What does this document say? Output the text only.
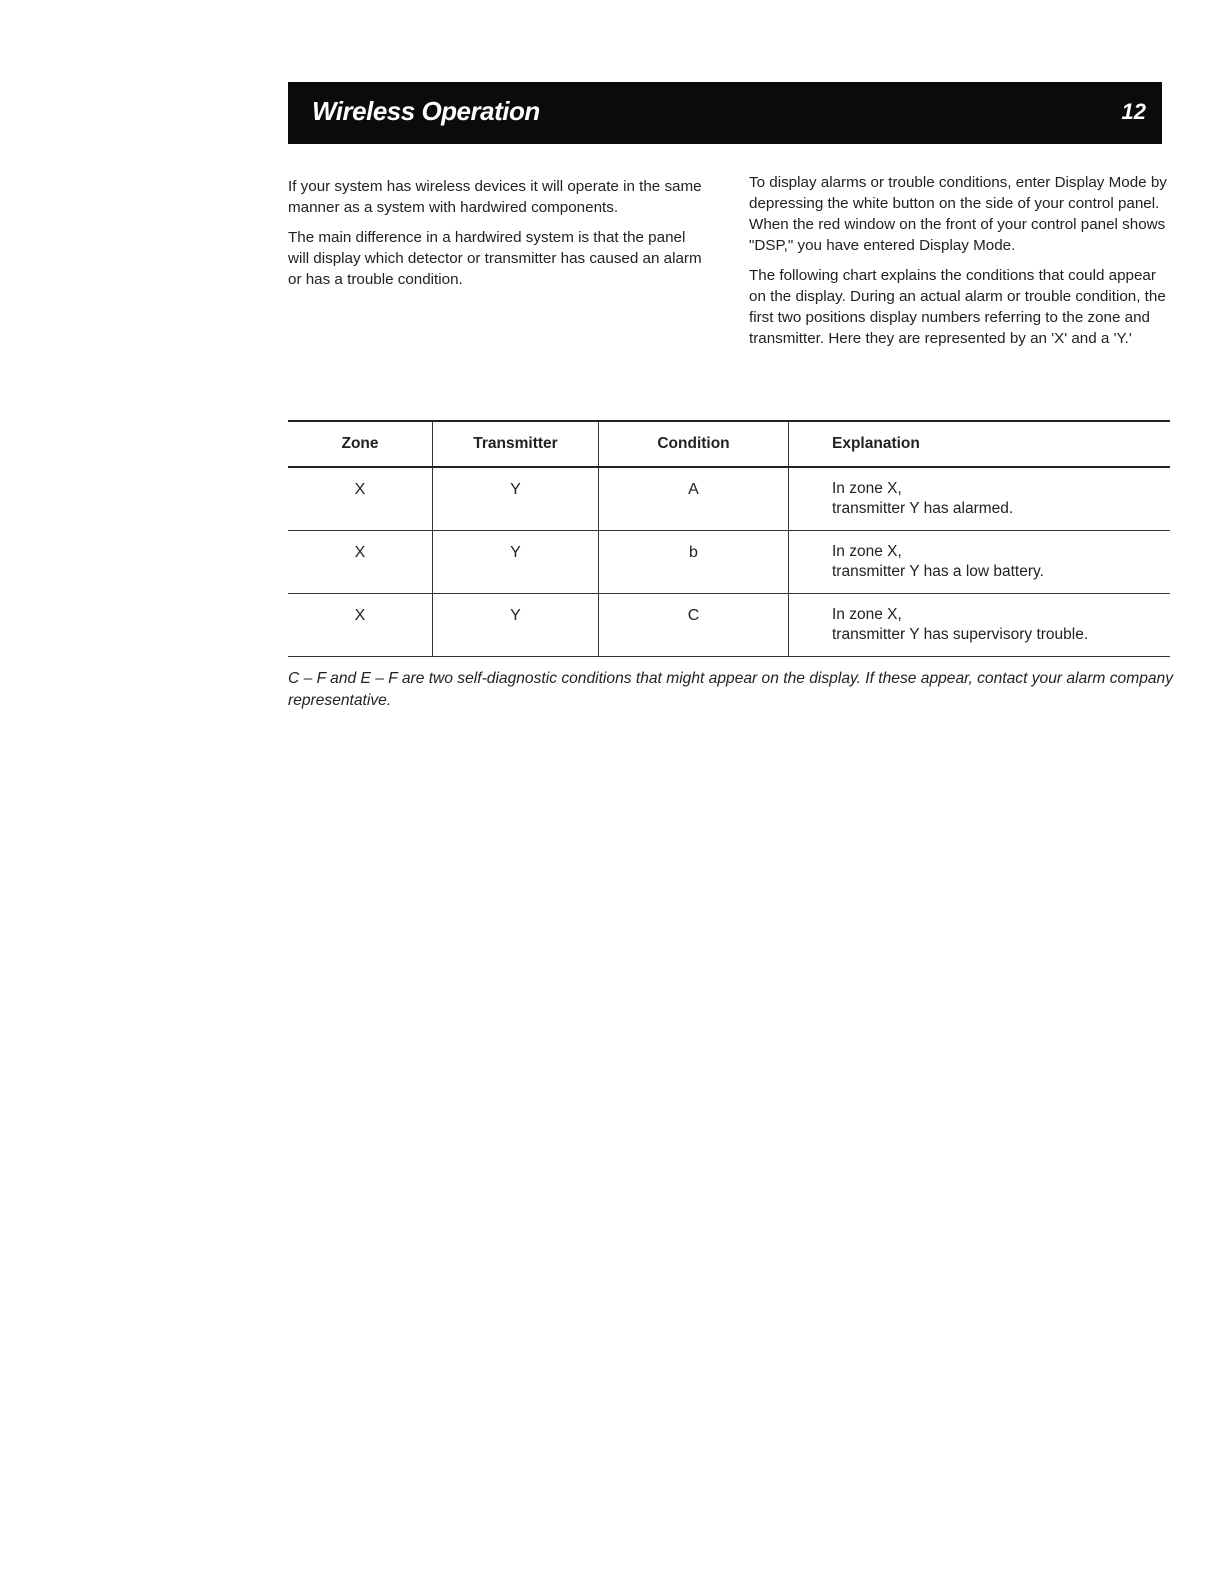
Wireless Operation	12

If your system has wireless devices it will operate in the same manner as a system with hardwired components.

The main difference in a hardwired system is that the panel will display which detector or transmitter has caused an alarm or has a trouble condition.

To display alarms or trouble conditions, enter Display Mode by depressing the white button on the side of your control panel. When the red window on the front of your control panel shows "DSP," you have entered Display Mode.

The following chart explains the conditions that could appear on the display. During an actual alarm or trouble condition, the first two positions display numbers referring to the zone and transmitter. Here they are represented by an 'X' and a 'Y.'

Zone	Transmitter	Condition	Explanation

X	Y	A	In zone X,
transmitter Y has alarmed.

X	Y	b	In zone X,
transmitter Y has a low battery.

X	Y	C	In zone X,
transmitter Y has supervisory trouble.
C – F and E – F are two self-diagnostic conditions that might appear on the display. If these appear, contact your alarm company representative.
